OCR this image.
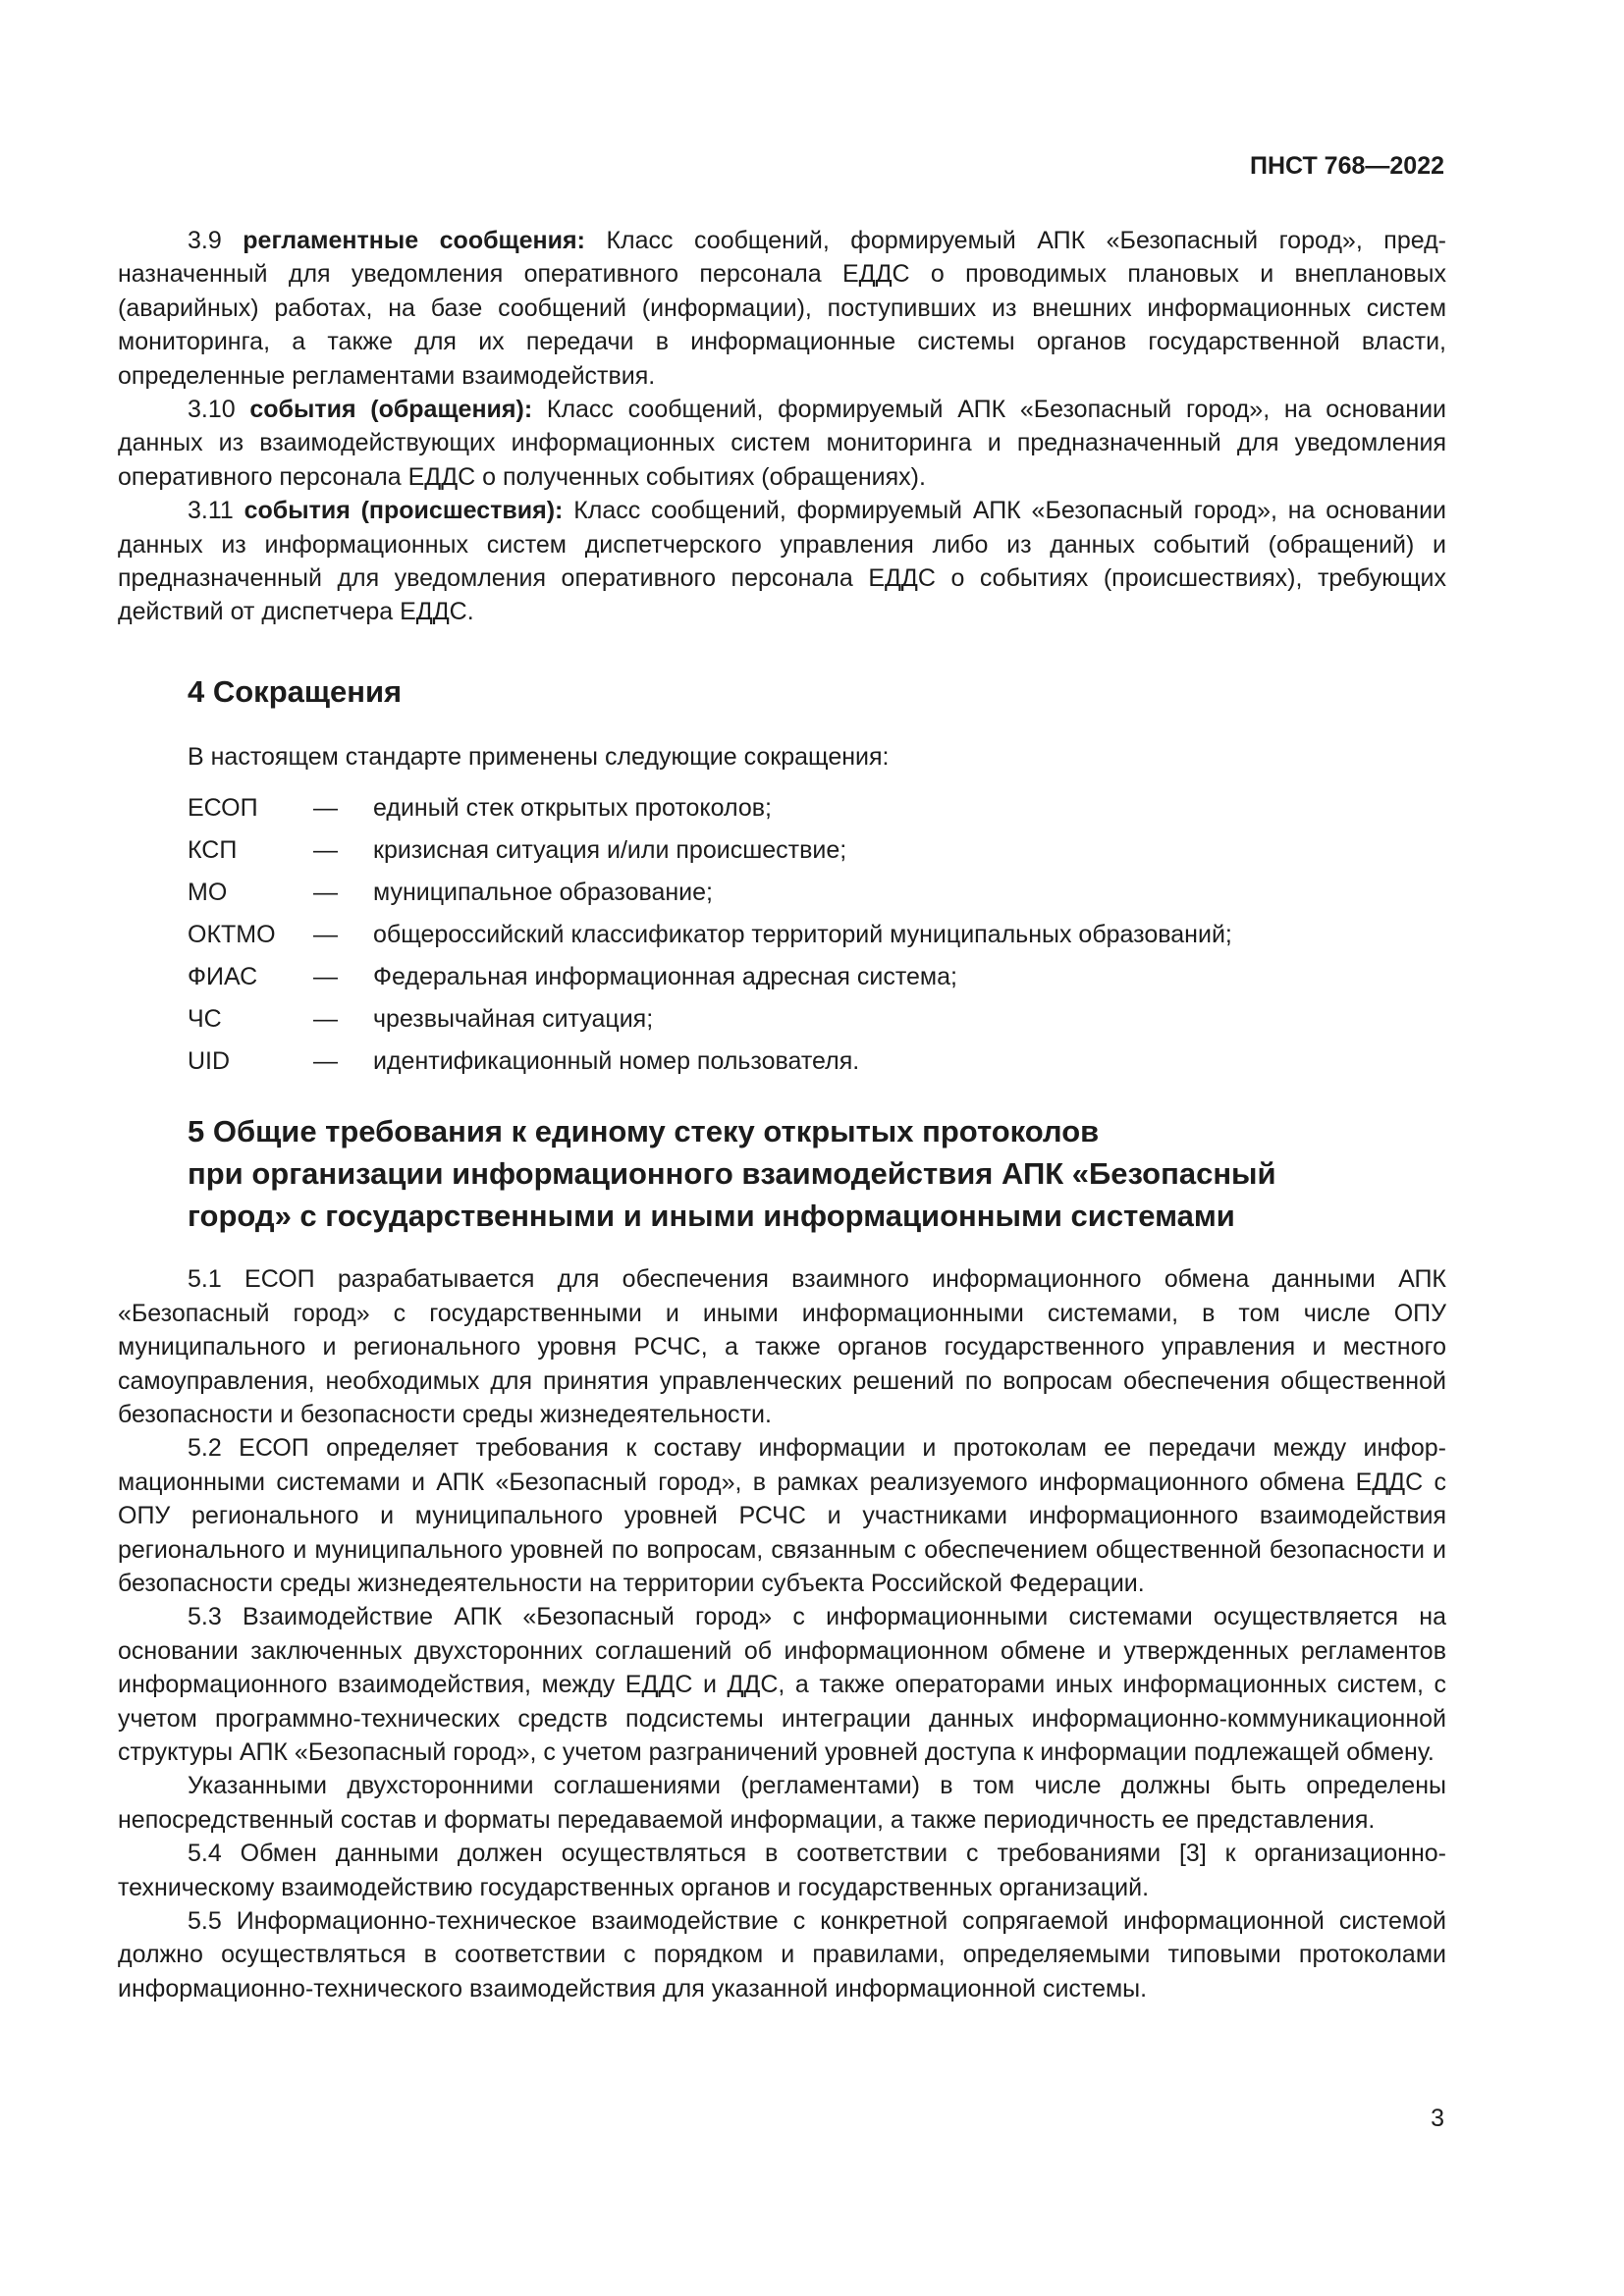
ПНСТ 768—2022

3.9 регламентные сообщения: Класс сообщений, формируемый АПК «Безопасный город», предназначенный для уведомления оперативного персонала ЕДДС о проводимых плановых и внеплановых (аварийных) работах, на базе сообщений (информации), поступивших из внешних информационных систем мониторинга, а также для их передачи в информационные системы органов государственной власти, определенные регламентами взаимодействия.

3.10 события (обращения): Класс сообщений, формируемый АПК «Безопасный город», на основании данных из взаимодействующих информационных систем мониторинга и предназначенный для уведомления оперативного персонала ЕДДС о полученных событиях (обращениях).

3.11 события (происшествия): Класс сообщений, формируемый АПК «Безопасный город», на основании данных из информационных систем диспетчерского управления либо из данных событий (обращений) и предназначенный для уведомления оперативного персонала ЕДДС о событиях (происшествиях), требующих действий от диспетчера ЕДДС.

4 Сокращения

В настоящем стандарте применены следующие сокращения:

ЕСОП	—	единый стек открытых протоколов;
КСП	—	кризисная ситуация и/или происшествие;
МО	—	муниципальное образование;
ОКТМО	—	общероссийский классификатор территорий муниципальных образований;
ФИАС	—	Федеральная информационная адресная система;
ЧС	—	чрезвычайная ситуация;
UID	—	идентификационный номер пользователя.
5 Общие требования к единому стеку открытых протоколов
при организации информационного взаимодействия АПК «Безопасный
город» с государственными и иными информационными системами

5.1 ЕСОП разрабатывается для обеспечения взаимного информационного обмена данными АПК «Безопасный город» с государственными и иными информационными системами, в том числе ОПУ муниципального и регионального уровня РСЧС, а также органов государственного управления и местного самоуправления, необходимых для принятия управленческих решений по вопросам обеспечения общественной безопасности и безопасности среды жизнедеятельности.

5.2 ЕСОП определяет требования к составу информации и протоколам ее передачи между информационными системами и АПК «Безопасный город», в рамках реализуемого информационного обмена ЕДДС с ОПУ регионального и муниципального уровней РСЧС и участниками информационного взаимодействия регионального и муниципального уровней по вопросам, связанным с обеспечением общественной безопасности и безопасности среды жизнедеятельности на территории субъекта Российской Федерации.

5.3 Взаимодействие АПК «Безопасный город» с информационными системами осуществляется на основании заключенных двухсторонних соглашений об информационном обмене и утвержденных регламентов информационного взаимодействия, между ЕДДС и ДДС, а также операторами иных информационных систем, с учетом программно-технических средств подсистемы интеграции данных информационно-коммуникационной структуры АПК «Безопасный город», с учетом разграничений уровней доступа к информации подлежащей обмену.

Указанными двухсторонними соглашениями (регламентами) в том числе должны быть определены непосредственный состав и форматы передаваемой информации, а также периодичность ее представления.

5.4 Обмен данными должен осуществляться в соответствии с требованиями [3] к организационно-техническому взаимодействию государственных органов и государственных организаций.

5.5 Информационно-техническое взаимодействие с конкретной сопрягаемой информационной системой должно осуществляться в соответствии с порядком и правилами, определяемыми типовыми протоколами информационно-технического взаимодействия для указанной информационной системы.

3
